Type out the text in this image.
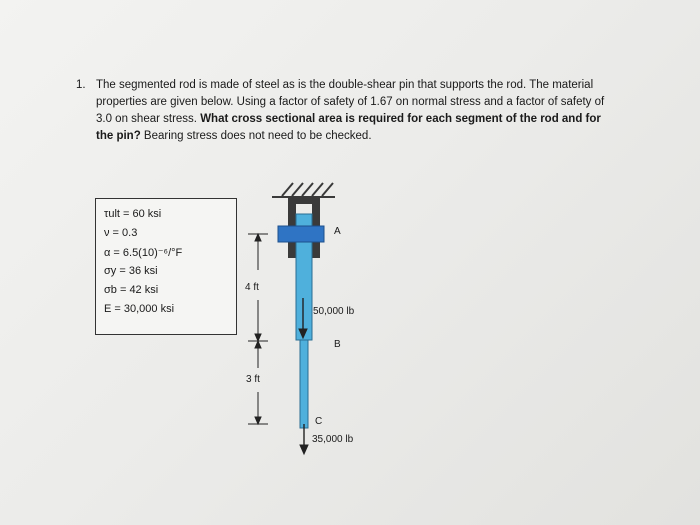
1. The segmented rod is made of steel as is the double-shear pin that supports the rod. The material properties are given below. Using a factor of safety of 1.67 on normal stress and a factor of safety of 3.0 on shear stress. What cross sectional area is required for each segment of the rod and for the pin? Bearing stress does not need to be checked.
τult = 60 ksi
ν = 0.3
α = 6.5(10)⁻⁶/°F
σy = 36 ksi
σb = 42 ksi
E = 30,000 ksi
A
B
C
4 ft
3 ft
50,000 lb
35,000 lb
